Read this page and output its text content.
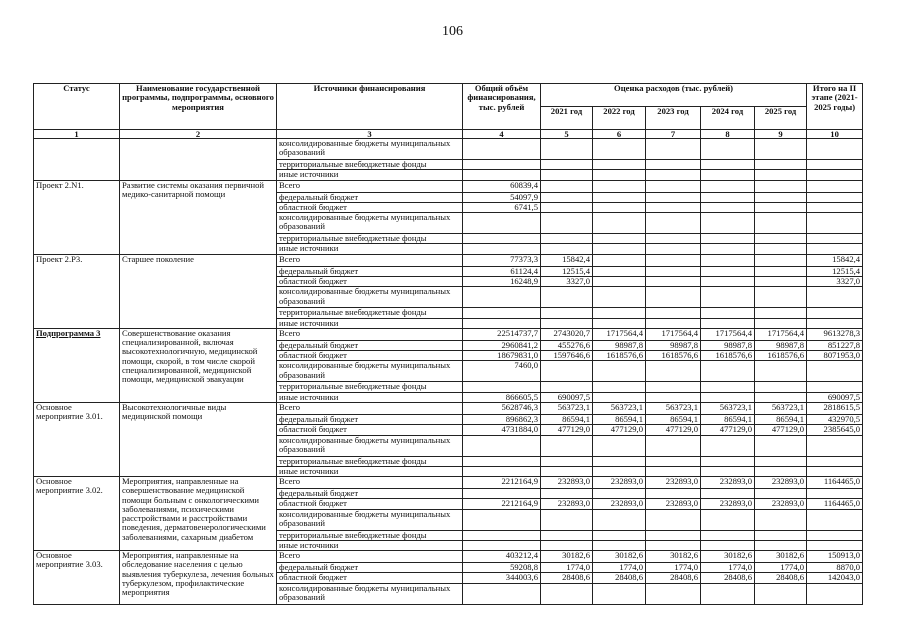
106
Статус	Наименование государственной программы, подпрограммы, основного мероприятия	Источники финансирования	Общий объём финансирования, тыс. рублей	Оценка расходов (тыс. рублей)					Итого на II этапе (2021-2025 годы)
				2021 год	2022 год	2023 год	2024 год	2025 год	
1	2	3	4	5	6	7	8	9	10
		консолидированные бюджеты муниципальных образований							
		территориальные внебюджетные фонды							
		иные источники							
Проект 2.N1.	Развитие системы оказания первичной медико-санитарной помощи	Всего	60839,4						
		федеральный бюджет	54097,9						
		областной бюджет	6741,5						
		консолидированные бюджеты муниципальных образований							
		территориальные внебюджетные фонды							
		иные источники							
Проект 2.Р3.	Старшее поколение	Всего	77373,3	15842,4					15842,4
		федеральный бюджет	61124,4	12515,4					12515,4
		областной бюджет	16248,9	3327,0					3327,0
		консолидированные бюджеты муниципальных образований							
		территориальные внебюджетные фонды							
		иные источники							
Подпрограмма 3	Совершенствование оказания специализированной, включая высокотехнологичную, медицинской помощи, скорой, в том числе скорой специализированной, медицинской помощи, медицинской эвакуации	Всего	22514737,7	2743020,7	1717564,4	1717564,4	1717564,4	1717564,4	9613278,3
		федеральный бюджет	2960841,2	455276,6	98987,8	98987,8	98987,8	98987,8	851227,8
		областной бюджет	18679831,0	1597646,6	1618576,6	1618576,6	1618576,6	1618576,6	8071953,0
		консолидированные бюджеты муниципальных образований	7460,0						
		территориальные внебюджетные фонды							
		иные источники	866605,5	690097,5					690097,5
Основное мероприятие 3.01.	Высокотехнологичные виды медицинской помощи	Всего	5628746,3	563723,1	563723,1	563723,1	563723,1	563723,1	2818615,5
		федеральный бюджет	896862,3	86594,1	86594,1	86594,1	86594,1	86594,1	432970,5
		областной бюджет	4731884,0	477129,0	477129,0	477129,0	477129,0	477129,0	2385645,0
		консолидированные бюджеты муниципальных образований							
		территориальные внебюджетные фонды							
		иные источники							
Основное мероприятие 3.02.	Мероприятия, направленные на совершенствование медицинской помощи больным с онкологическими заболеваниями, психическими расстройствами и расстройствами поведения, дерматовенерологическими заболеваниями, сахарным диабетом	Всего	2212164,9	232893,0	232893,0	232893,0	232893,0	232893,0	1164465,0
		федеральный бюджет							
		областной бюджет	2212164,9	232893,0	232893,0	232893,0	232893,0	232893,0	1164465,0
		консолидированные бюджеты муниципальных образований							
		территориальные внебюджетные фонды							
		иные источники							
Основное мероприятие 3.03.	Мероприятия, направленные на обследование населения с целью выявления туберкулеза, лечения больных туберкулезом, профилактические мероприятия	Всего	403212,4	30182,6	30182,6	30182,6	30182,6	30182,6	150913,0
		федеральный бюджет	59208,8	1774,0	1774,0	1774,0	1774,0	1774,0	8870,0
		областной бюджет	344003,6	28408,6	28408,6	28408,6	28408,6	28408,6	142043,0
		консолидированные бюджеты муниципальных образований							
